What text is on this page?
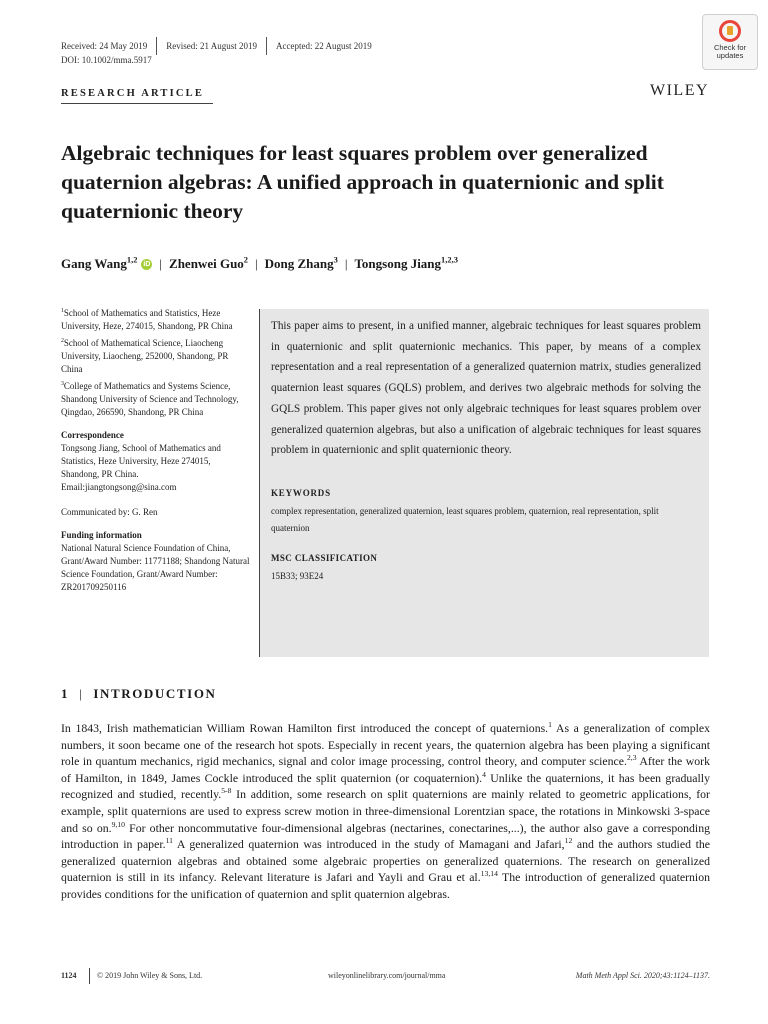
Received: 24 May 2019 Revised: 21 August 2019 Accepted: 22 August 2019
DOI: 10.1002/mma.5917
Check for
updates
RESEARCH ARTICLE	WILEY
Algebraic techniques for least squares problem over generalized quaternion algebras: A unified approach in quaternionic and split quaternionic theory
Gang Wang$^{1,2}$ iD | Zhenwei Guo$^2$ | Dong Zhang$^3$ | Tongsong Jiang$^{1,2,3}$
$^1$School of Mathematics and Statistics, Heze University, Heze, 274015, Shandong, PR China
$^2$School of Mathematical Science, Liaocheng University, Liaocheng, 252000, Shandong, PR China
$^3$College of Mathematics and Systems Science, Shandong University of Science and Technology, Qingdao, 266590, Shandong, PR China
Correspondence
Tongsong Jiang, School of Mathematics and Statistics, Heze University, Heze 274015, Shandong, PR China.
Email:jiangtongsong@sina.com
Communicated by: G. Ren
Funding information
National Natural Science Foundation of China, Grant/Award Number: 11771188; Shandong Natural Science Foundation, Grant/Award Number: ZR201709250116
This paper aims to present, in a unified manner, algebraic techniques for least squares problem in quaternionic and split quaternionic mechanics. This paper, by means of a complex representation and a real representation of a generalized quaternion matrix, studies generalized quaternion least squares (GQLS) problem, and derives two algebraic methods for solving the GQLS problem. This paper gives not only algebraic techniques for least squares problem over generalized quaternion algebras, but also a unification of algebraic techniques for least squares problem in quaternionic and split quaternionic theory.
KEYWORDS
complex representation, generalized quaternion, least squares problem, quaternion, real representation, split quaternion
MSC CLASSIFICATION
15B33; 93E24
1 | INTRODUCTION
In 1843, Irish mathematician William Rowan Hamilton first introduced the concept of quaternions.$^1$ As a generalization of complex numbers, it soon became one of the research hot spots. Especially in recent years, the quaternion algebra has been playing a significant role in quantum mechanics, rigid mechanics, signal and color image processing, control theory, and computer science.$^{2,3}$ After the work of Hamilton, in 1849, James Cockle introduced the split quaternion (or coquaternion).$^4$ Unlike the quaternions, it has been gradually recognized and studied, recently.$^{5-8}$ In addition, some research on split quaternions are mainly related to geometric applications, for example, split quaternions are used to express screw motion in three-dimensional Lorentzian space, the rotations in Minkowski 3-space and so on.$^{9,10}$ For other noncommutative four-dimensional algebras (nectarines, conectarines,...), the author also gave a corresponding introduction in paper.$^{11}$ A generalized quaternion was introduced in the study of Mamagani and Jafari,$^{12}$ and the authors studied the generalized quaternion algebras and obtained some algebraic properties on generalized quaternions. The research on generalized quaternion is still in its infancy. Relevant literature is Jafari and Yayli and Grau et al.$^{13,14}$ The introduction of generalized quaternion provides conditions for the unification of quaternion and split quaternion algebras.
1124	© 2019 John Wiley & Sons, Ltd.	wileyonlinelibrary.com/journal/mma	Math Meth Appl Sci. 2020;43:1124–1137.
